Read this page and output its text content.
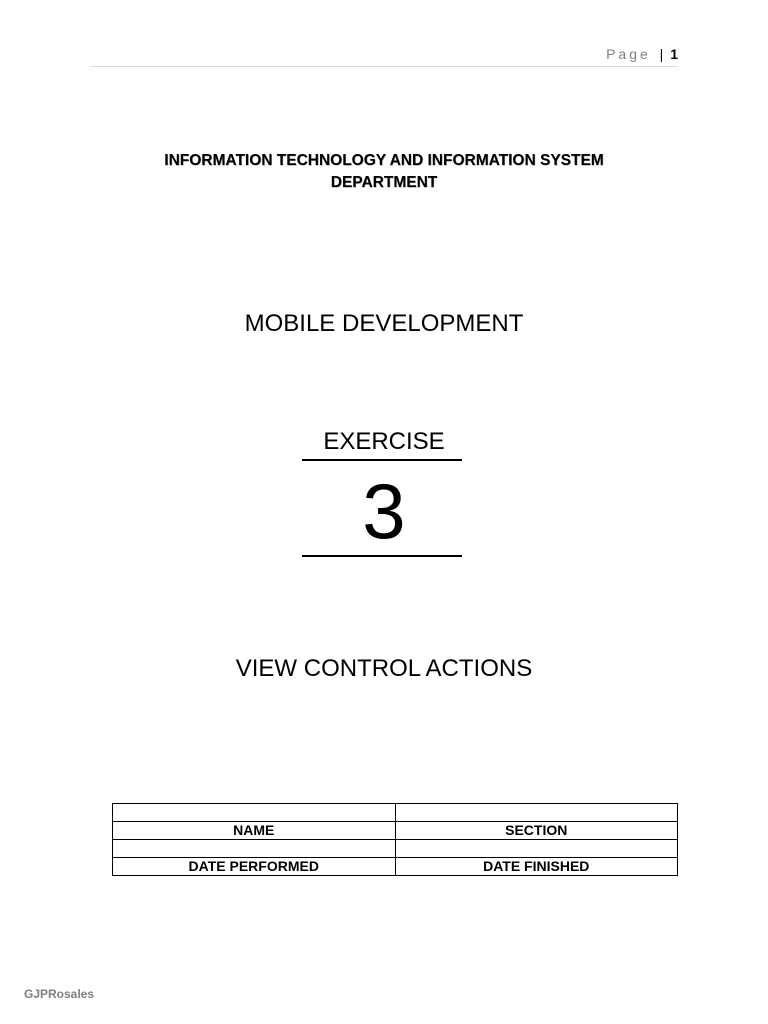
Page | 1
INFORMATION TECHNOLOGY AND INFORMATION SYSTEM
DEPARTMENT
MOBILE DEVELOPMENT
EXERCISE
3
VIEW CONTROL ACTIONS

NAME	SECTION

DATE PERFORMED	DATE FINISHED
GJPRosales
